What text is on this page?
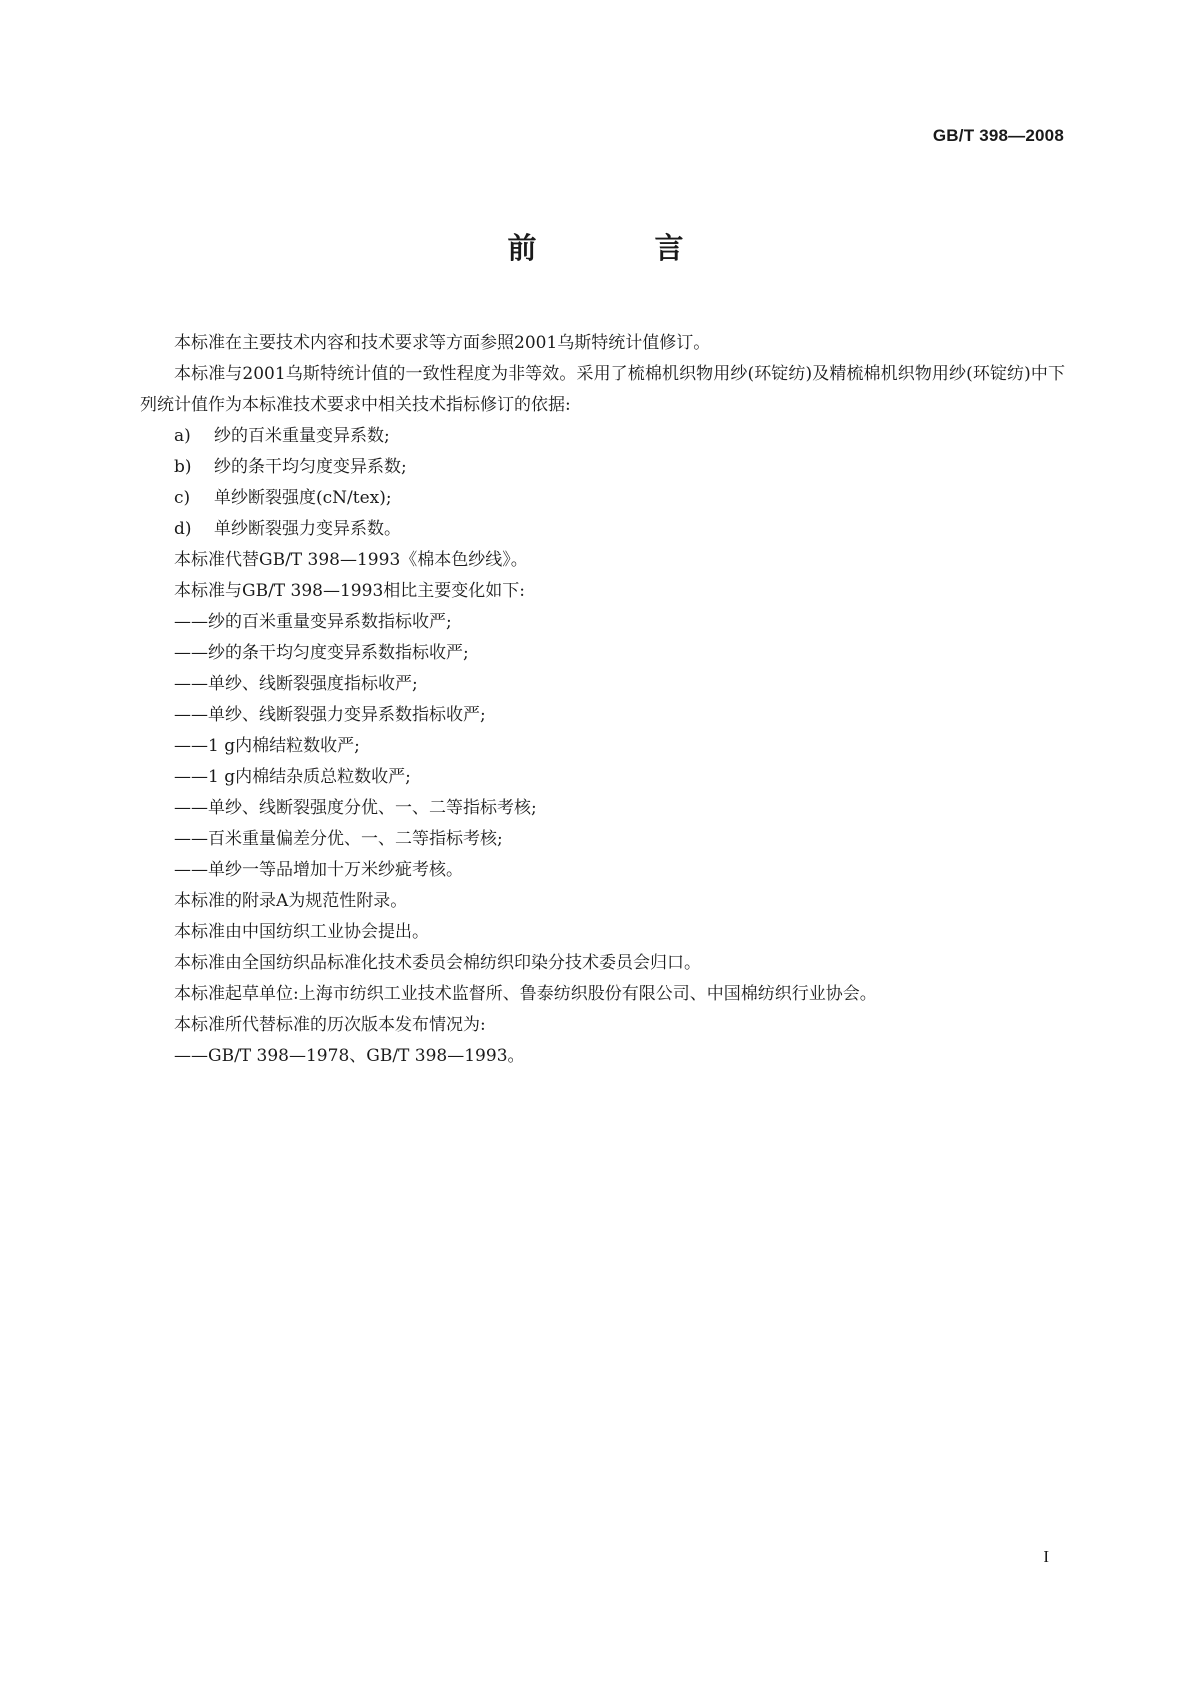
GB/T 398—2008
前 言

本标准在主要技术内容和技术要求等方面参照2001乌斯特统计值修订。

本标准与2001乌斯特统计值的一致性程度为非等效。采用了梳棉机织物用纱(环锭纺)及精梳棉机织物用纱(环锭纺)中下列统计值作为本标准技术要求中相关技术指标修订的依据:

a) 纱的百米重量变异系数;

b) 纱的条干均匀度变异系数;

c) 单纱断裂强度(cN/tex);

d) 单纱断裂强力变异系数。

本标准代替GB/T 398—1993《棉本色纱线》。

本标准与GB/T 398—1993相比主要变化如下:

——纱的百米重量变异系数指标收严;

——纱的条干均匀度变异系数指标收严;

——单纱、线断裂强度指标收严;

——单纱、线断裂强力变异系数指标收严;

——1 g内棉结粒数收严;

——1 g内棉结杂质总粒数收严;

——单纱、线断裂强度分优、一、二等指标考核;

——百米重量偏差分优、一、二等指标考核;

——单纱一等品增加十万米纱疵考核。

本标准的附录A为规范性附录。

本标准由中国纺织工业协会提出。

本标准由全国纺织品标准化技术委员会棉纺织印染分技术委员会归口。

本标准起草单位:上海市纺织工业技术监督所、鲁泰纺织股份有限公司、中国棉纺织行业协会。

本标准所代替标准的历次版本发布情况为:

——GB/T 398—1978、GB/T 398—1993。

I
